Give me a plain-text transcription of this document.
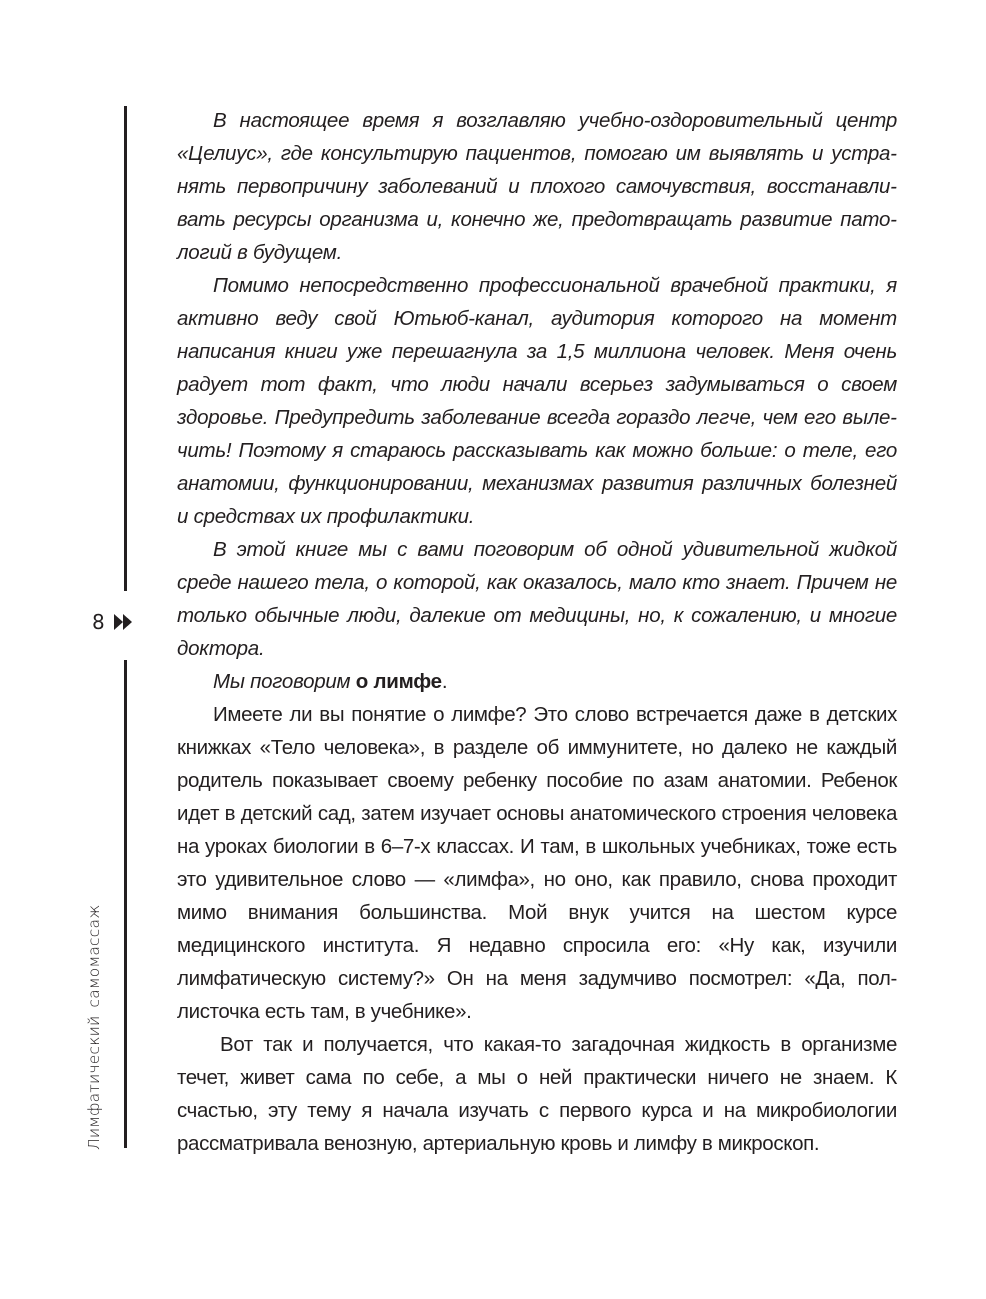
8
Лимфатическийсамомассаж

В настоящее время я возглавляю учебно-оздоровительный центр «Целиус», где консультирую пациентов, помогаю им выявлять и устранять первопричину заболеваний и плохого самочувствия, восстанавливать ресурсы организма и, конечно же, предотвращать развитие патологий в будущем.

Помимо непосредственно профессиональной врачебной практики, я активно веду свой Ютьюб-канал, аудитория которого на момент написания книги уже перешагнула за 1,5 миллиона человек. Меня очень радует тот факт, что люди начали всерьез задумываться о своем здоровье. Предупредить заболевание всегда гораздо легче, чем его вылечить! Поэтому я стараюсь рассказывать как можно больше: о теле, его анатомии, функционировании, механизмах развития различных болезней и средствах их профилактики.

В этой книге мы с вами поговорим об одной удивительной жидкой среде нашего тела, о которой, как оказалось, мало кто знает. Причем не только обычные люди, далекие от медицины, но, к сожалению, и многие доктора.

Мы поговорим о лимфе.

Имеете ли вы понятие о лимфе? Это слово встречается даже в детских книжках «Тело человека», в разделе об иммунитете, но далеко не каждый родитель показывает своему ребенку пособие по азам анатомии. Ребенок идет в детский сад, затем изучает основы анатомического строения человека на уроках биологии в 6–7-х классах. И там, в школьных учебниках, тоже есть это удивительное слово — «лимфа», но оно, как правило, снова проходит мимо внимания большинства. Мой внук учится на шестом курсе медицинского института. Я недавно спросила его: «Ну как, изучили лимфатическую систему?» Он на меня задумчиво посмотрел: «Да, пол-листочка есть там, в учебнике».

Вот так и получается, что какая-то загадочная жидкость в организме течет, живет сама по себе, а мы о ней практически ничего не знаем. К счастью, эту тему я начала изучать с первого курса и на микробиологии рассматривала венозную, артериальную кровь и лимфу в микроскоп.
